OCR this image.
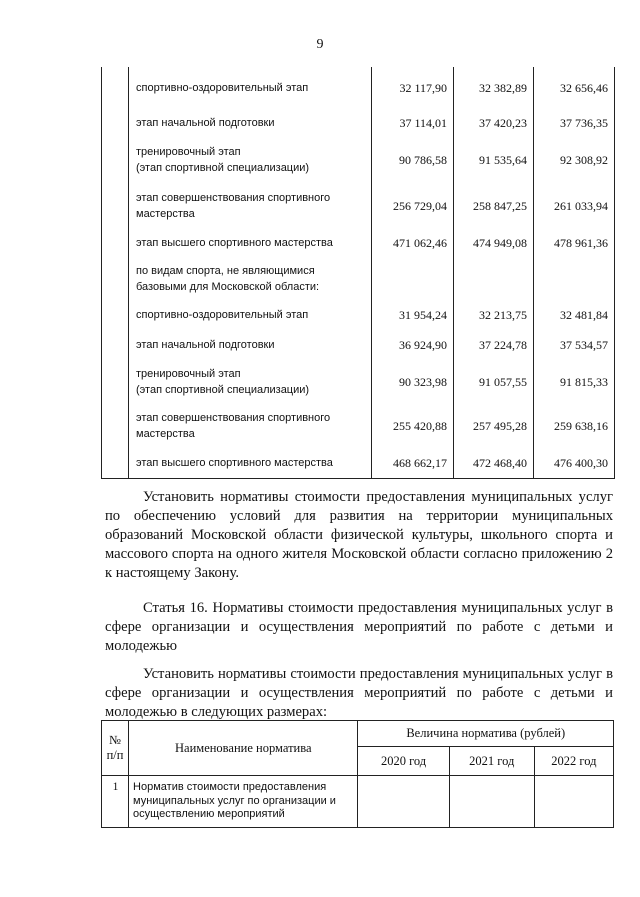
9
	спортивно-оздоровительный этап	32 117,90	32 382,89	32 656,46
	этап начальной подготовки	37 114,01	37 420,23	37 736,35
	тренировочный этап
(этап спортивной специализации)	90 786,58	91 535,64	92 308,92
	этап совершенствования спортивного
мастерства	256 729,04	258 847,25	261 033,94
	этап высшего спортивного мастерства	471 062,46	474 949,08	478 961,36
	по видам спорта, не являющимися
базовыми для Московской области:			
	спортивно-оздоровительный этап	31 954,24	32 213,75	32 481,84
	этап начальной подготовки	36 924,90	37 224,78	37 534,57
	тренировочный этап
(этап спортивной специализации)	90 323,98	91 057,55	91 815,33
	этап совершенствования спортивного
мастерства	255 420,88	257 495,28	259 638,16
	этап высшего спортивного мастерства	468 662,17	472 468,40	476 400,30
Установить нормативы стоимости предоставления муниципальных услуг по обеспечению условий для развития на территории муниципальных образований Московской области физической культуры, школьного спорта и массового спорта на одного жителя Московской области согласно приложению 2 к настоящему Закону.
Статья 16. Нормативы стоимости предоставления муниципальных услуг в сфере организации и осуществления мероприятий по работе с детьми и молодежью
Установить нормативы стоимости предоставления муниципальных услуг в сфере организации и осуществления мероприятий по работе с детьми и молодежью в следующих размерах:
№
п/п	Наименование норматива	Величина норматива (рублей)		
		2020 год	2021 год	2022 год
1	Норматив стоимости предоставления муниципальных услуг по организации и осуществлению мероприятий			
